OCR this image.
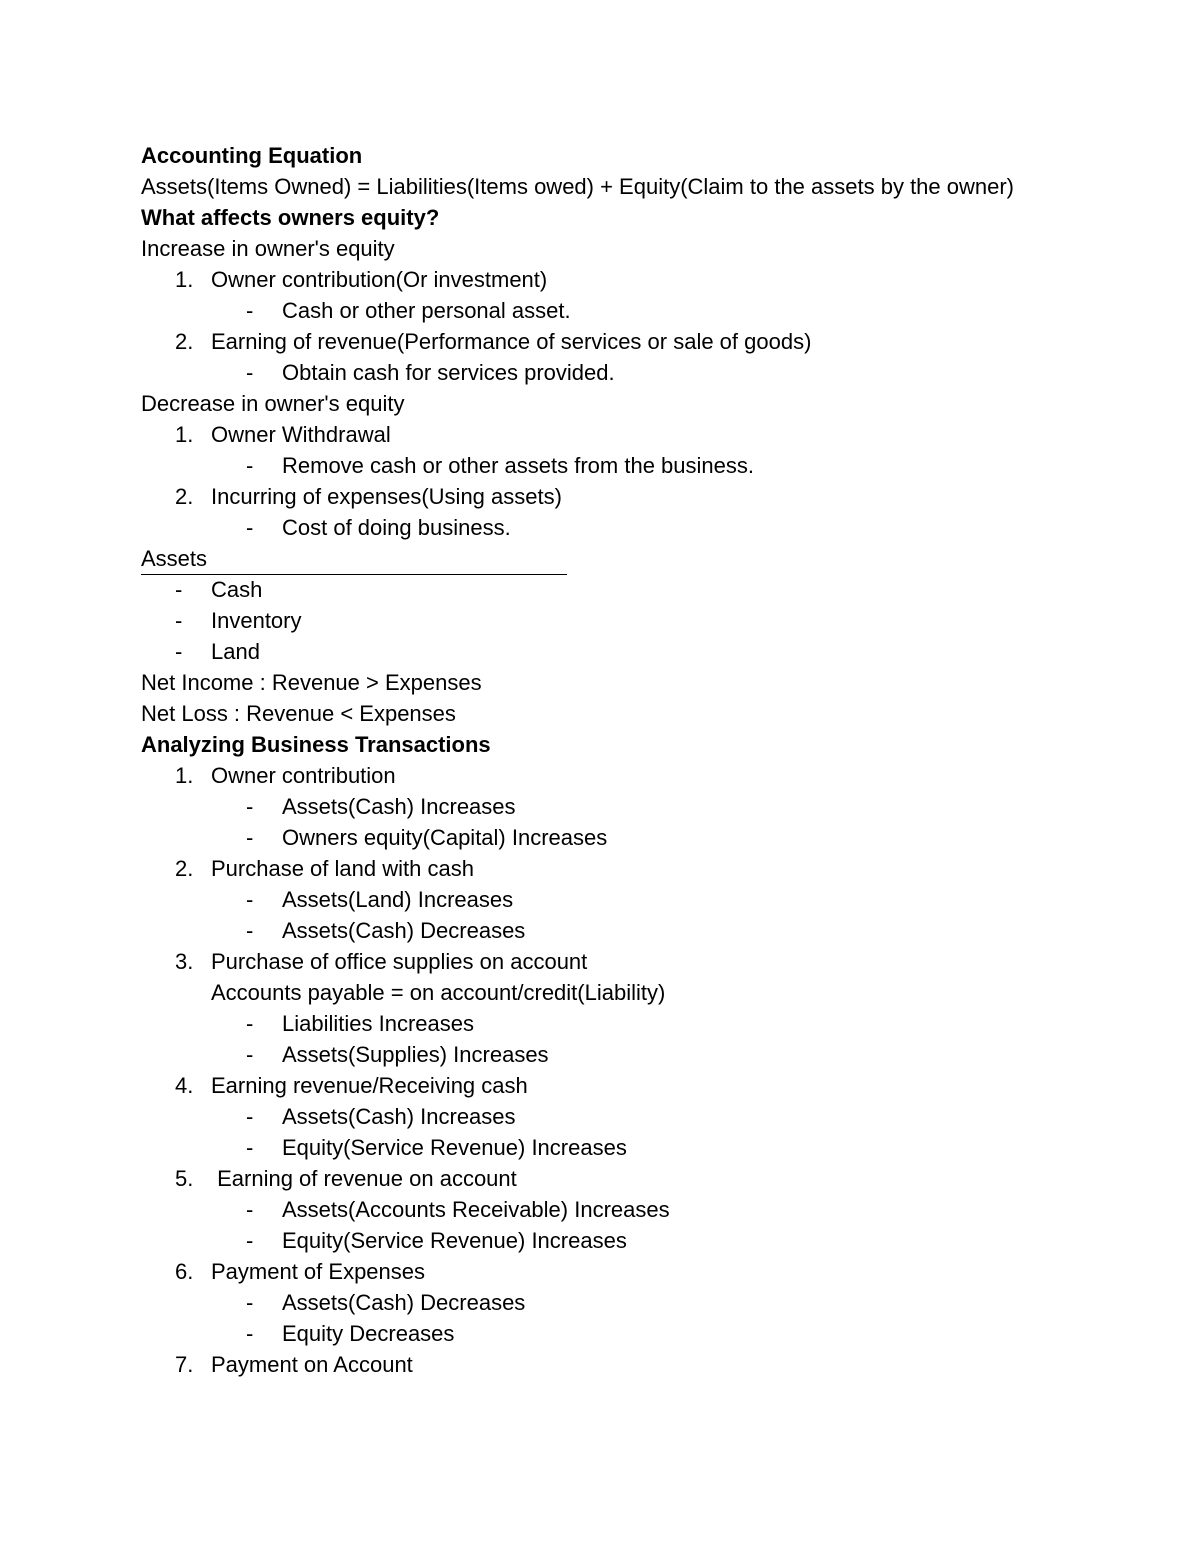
Accounting Equation
Assets(Items Owned) = Liabilities(Items owed) + Equity(Claim to the assets by the owner)
What affects owners equity?
Increase in owner's equity
1. Owner contribution(Or investment)
- Cash or other personal asset.
2. Earning of revenue(Performance of services or sale of goods)
- Obtain cash for services provided.
Decrease in owner's equity
1. Owner Withdrawal
- Remove cash or other assets from the business.
2. Incurring of expenses(Using assets)
- Cost of doing business.
Assets
- Cash
- Inventory
- Land
Net Income : Revenue > Expenses
Net Loss : Revenue < Expenses
Analyzing Business Transactions
1. Owner contribution
- Assets(Cash) Increases
- Owners equity(Capital) Increases
2. Purchase of land with cash
- Assets(Land) Increases
- Assets(Cash) Decreases
3. Purchase of office supplies on account
Accounts payable = on account/credit(Liability)
- Liabilities Increases
- Assets(Supplies) Increases
4. Earning revenue/Receiving cash
- Assets(Cash) Increases
- Equity(Service Revenue) Increases
5. Earning of revenue on account
- Assets(Accounts Receivable) Increases
- Equity(Service Revenue) Increases
6. Payment of Expenses
- Assets(Cash) Decreases
- Equity Decreases
7. Payment on Account
